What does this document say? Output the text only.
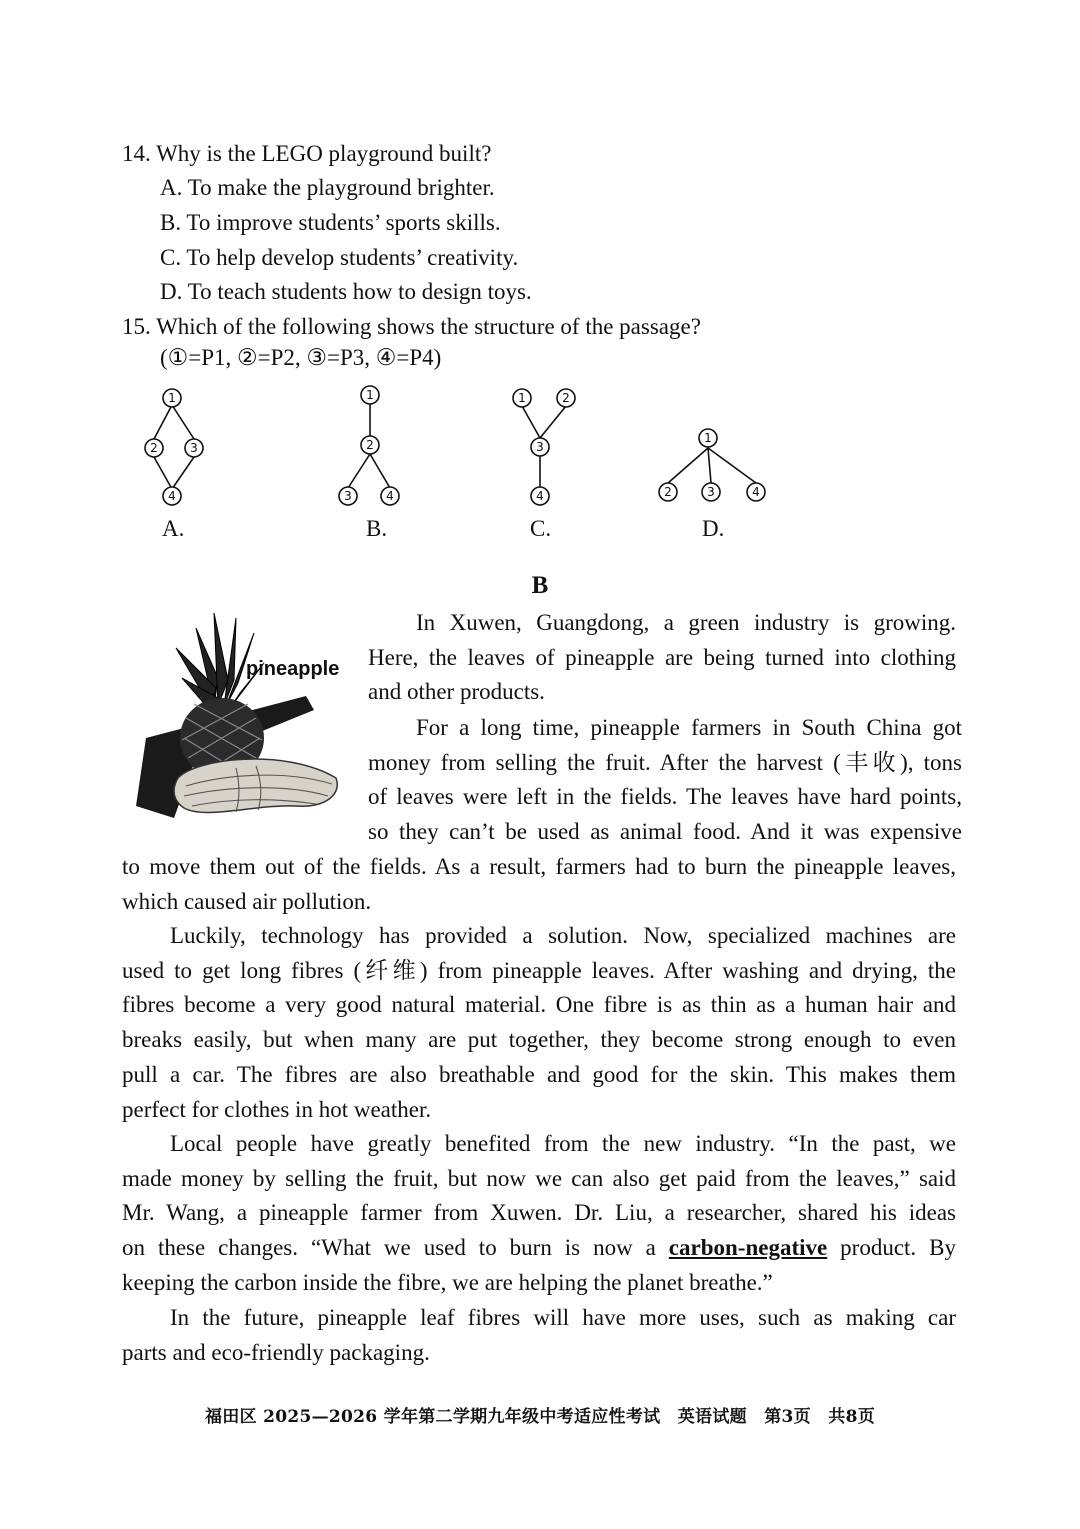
14. Why is the LEGO playground built?
A. To make the playground brighter.
B. To improve students’ sports skills.
C. To help develop students’ creativity.
D. To teach students how to design toys.
15. Which of the following shows the structure of the passage?
(①=P1, ②=P2, ③=P3, ④=P4)
1
2	3
4
1
2
3	4
1	2
3
4
1
2	3	4
A.	B.	C.	D.
B
pineapple
In Xuwen, Guangdong, a green industry is growing.
Here, the leaves of pineapple are being turned into clothing
and other products.
For a long time, pineapple farmers in South China got
money from selling the fruit. After the harvest (丰收), tons
of leaves were left in the fields. The leaves have hard points,
so they can’t be used as animal food. And it was expensive
to move them out of the fields. As a result, farmers had to burn the pineapple leaves,
which caused air pollution.
Luckily, technology has provided a solution. Now, specialized machines are
used to get long fibres (纤维) from pineapple leaves. After washing and drying, the
fibres become a very good natural material. One fibre is as thin as a human hair and
breaks easily, but when many are put together, they become strong enough to even
pull a car. The fibres are also breathable and good for the skin. This makes them
perfect for clothes in hot weather.
Local people have greatly benefited from the new industry. “In the past, we
made money by selling the fruit, but now we can also get paid from the leaves,” said
Mr. Wang, a pineapple farmer from Xuwen. Dr. Liu, a researcher, shared his ideas
on these changes. “What we used to burn is now a carbon-negative product. By
keeping the carbon inside the fibre, we are helping the planet breathe.”
In the future, pineapple leaf fibres will have more uses, such as making car
parts and eco-friendly packaging.
福田区 2025—2026 学年第二学期九年级中考适应性考试　英语试题　第3页　共8页
